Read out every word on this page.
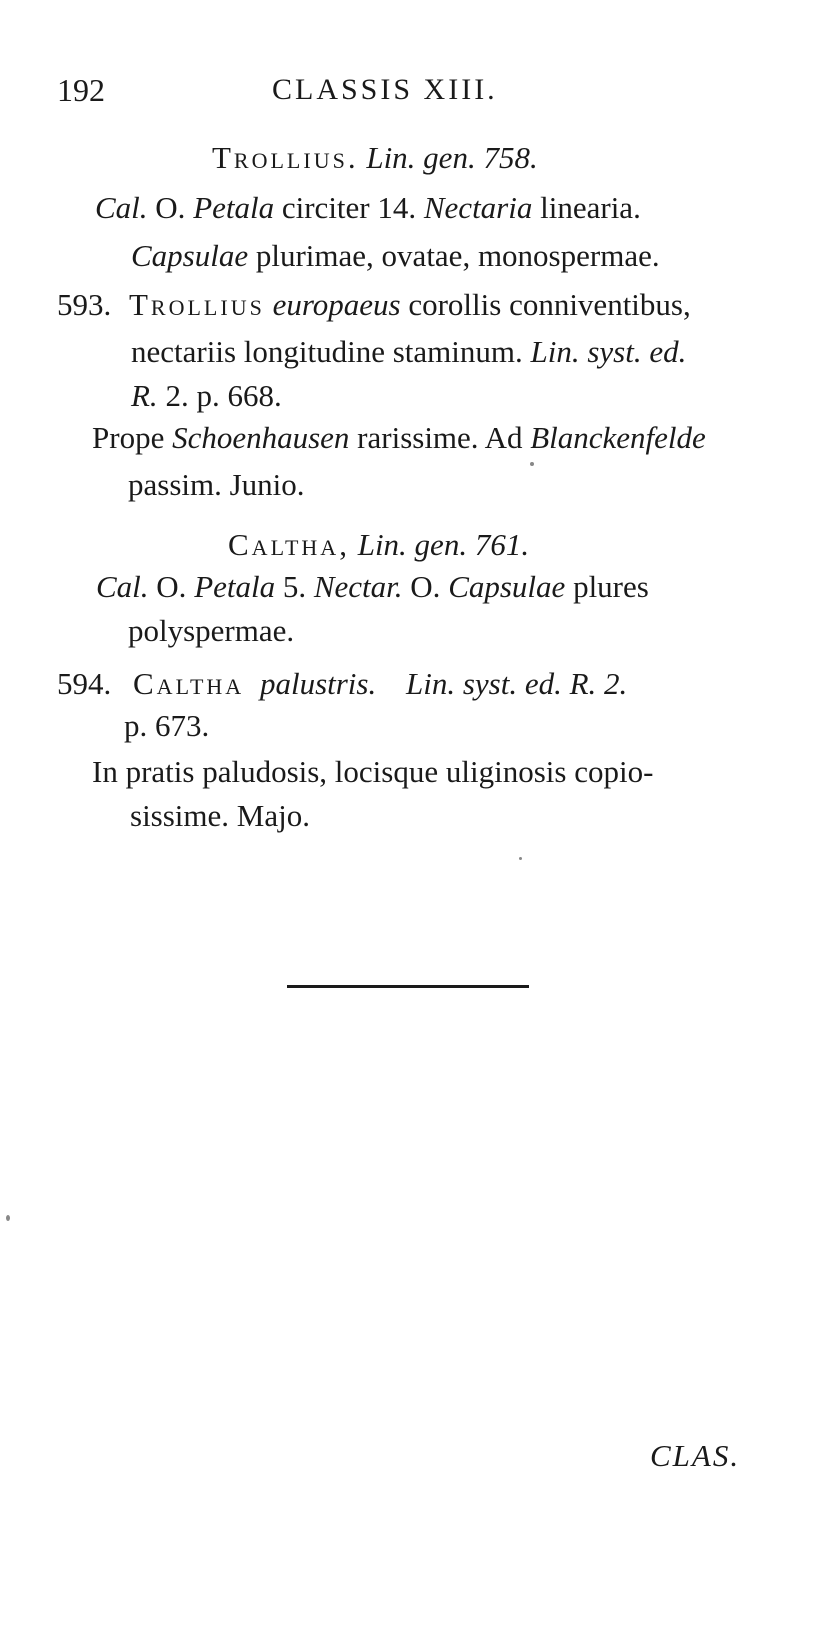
192	CLASSIS XIII.
Trollius. Lin. gen. 758.
Cal. O. Petala circiter 14. Nectaria linearia.
Capsulae plurimae, ovatae, monospermae.
593. Trollius europaeus corollis conniventibus,
nectariis longitudine staminum. Lin. syst. ed.
R. 2. p. 668.
Prope Schoenhausen rarissime. Ad Blanckenfelde
passim. Junio.
Caltha, Lin. gen. 761.
Cal. O. Petala 5. Nectar. O. Capsulae plures
polyspermae.
594. Caltha palustris. Lin. syst. ed. R. 2.
p. 673.
In pratis paludosis, locisque uliginosis copio-
sissime. Majo.
CLAS.
